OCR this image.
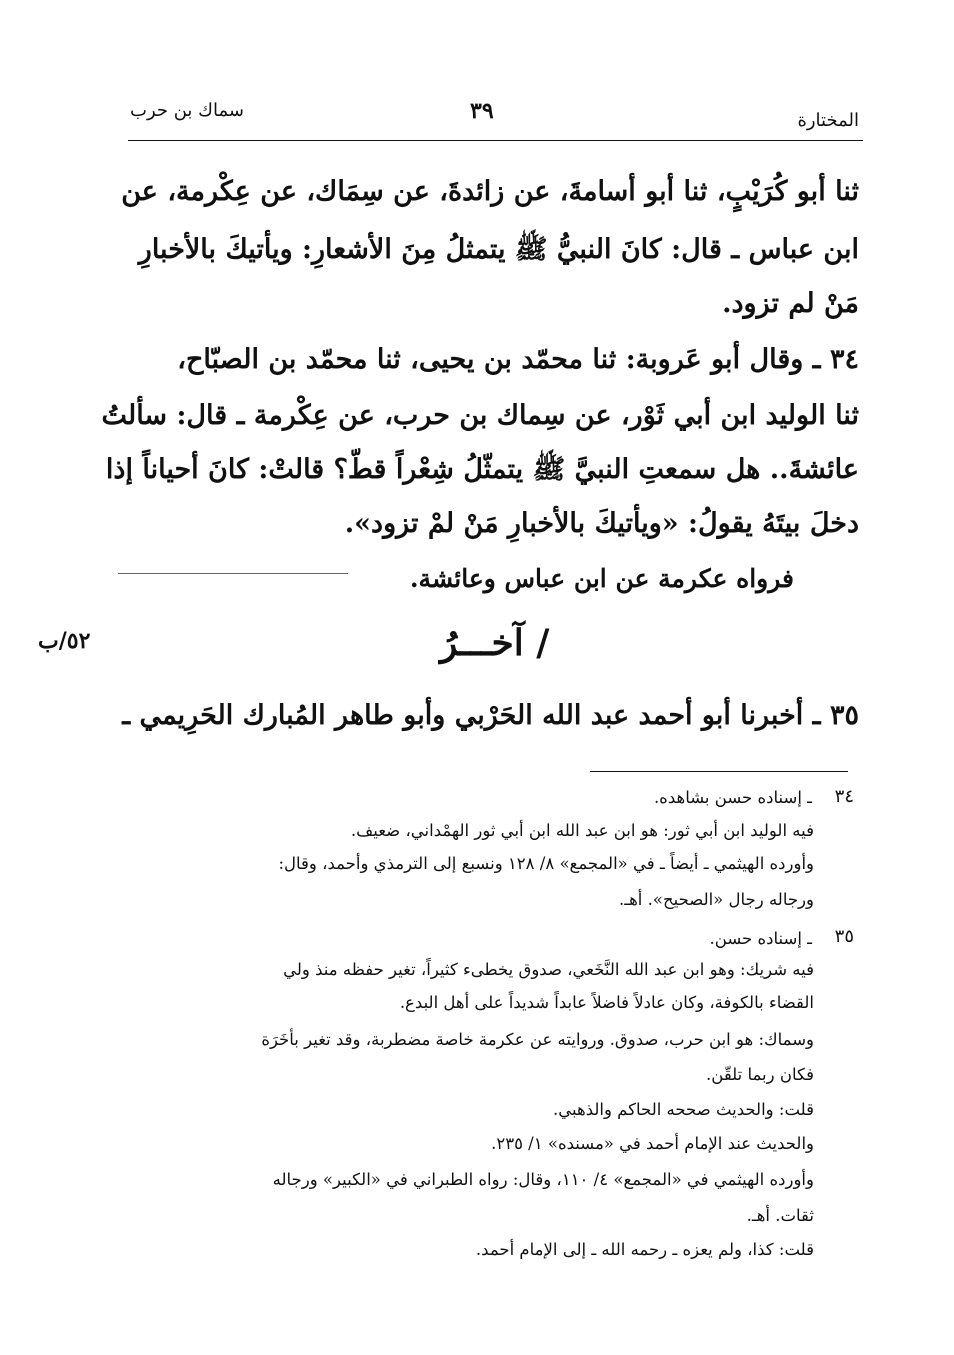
سماك بن حرب	٣٩	المختارة
ثنا أبو كُرَيْبٍ، ثنا أبو أسامةَ، عن زائدةَ، عن سِمَاك، عن عِكْرمة، عن
ابن عباس ـ قال: كانَ النبيُّ ﷺ يتمثلُ مِنَ الأشعارِ: ويأتيكَ بالأخبارِ
مَنْ لم تزود.
٣٤ ـ وقال أبو عَروبة: ثنا محمّد بن يحيى، ثنا محمّد بن الصبّاح،
ثنا الوليد ابن أبي ثَوْر، عن سِماك بن حرب، عن عِكْرمة ـ قال: سألتُ
عائشةَ.. هل سمعتِ النبيَّ ﷺ يتمثّلُ شِعْراً قطّ؟ قالتْ: كانَ أحياناً إذا
دخلَ بيتَهُ يقولُ: «ويأتيكَ بالأخبارِ مَنْ لمْ تزود».
فرواه عكرمة عن ابن عباس وعائشة.
٥٢/ب	/ آخـــرُ
٣٥ ـ أخبرنا أبو أحمد عبد الله الحَرْبي وأبو طاهر المُبارك الحَرِيمي ـ
٣٤
ـ إسناده حسن بشاهده.
فيه الوليد ابن أبي ثور: هو ابن عبد الله ابن أبي ثور الهمْداني، ضعيف.
وأورده الهيثمي ـ أيضاً ـ في «المجمع» ٨/ ١٢٨ ونسبع إلى الترمذي وأحمد، وقال:
ورجاله رجال «الصحيح». أهـ.
٣٥
ـ إسناده حسن.
فيه شريك: وهو ابن عبد الله النَّخَعي، صدوق يخطىء كثيراً، تغير حفظه منذ ولي
القضاء بالكوفة، وكان عادلاً فاضلاً عابداً شديداً على أهل البدع.
وسماك: هو ابن حرب، صدوق. وروايته عن عكرمة خاصة مضطربة، وقد تغير بأخَرَة
فكان ربما تلقّن.
قلت: والحديث صححه الحاكم والذهبي.
والحديث عند الإمام أحمد في «مسنده» ١/ ٢٣٥.
وأورده الهيثمي في «المجمع» ٤/ ١١٠، وقال: رواه الطبراني في «الكبير» ورجاله
ثقات. أهـ.
قلت: كذا، ولم يعزه ـ رحمه الله ـ إلى الإمام أحمد.
